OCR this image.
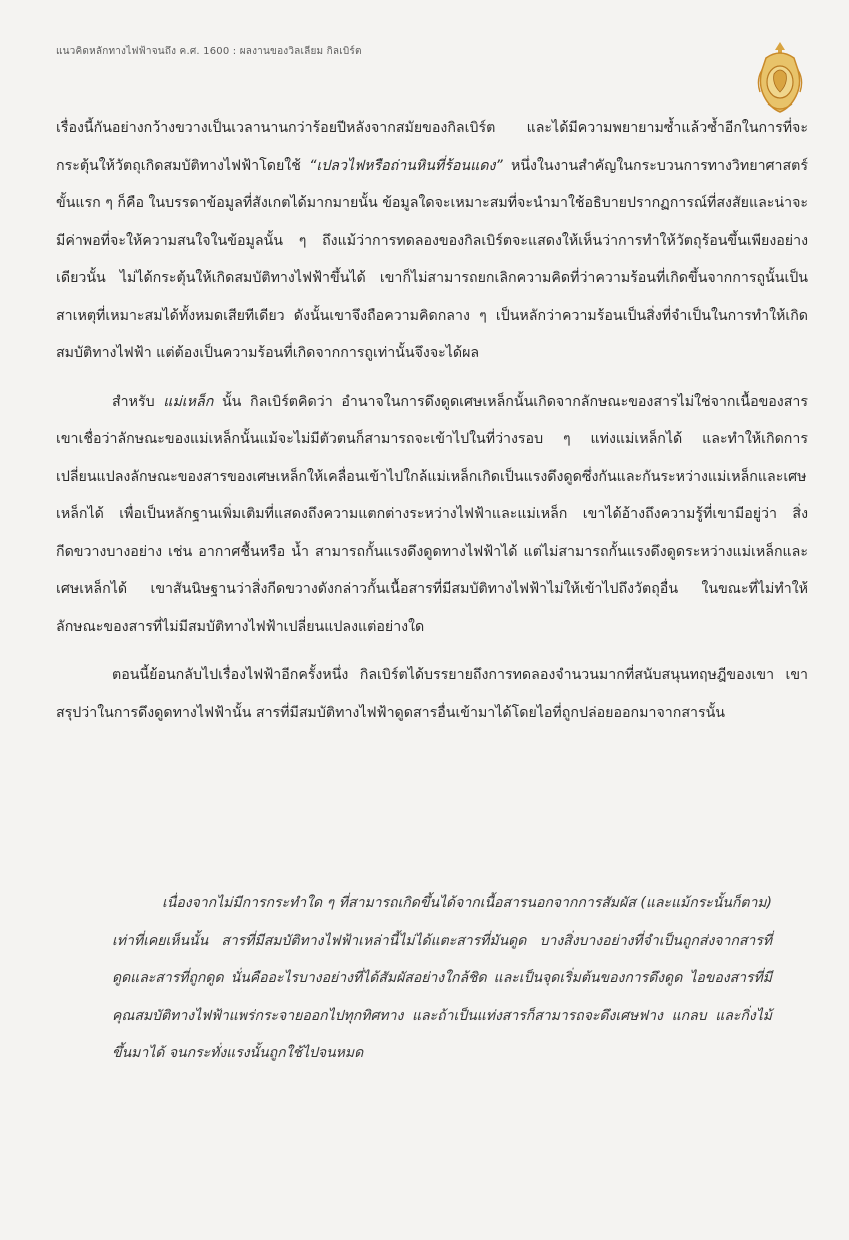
แนวคิดหลักทางไฟฟ้าจนถึง ค.ศ. 1600 : ผลงานของวิลเลียม กิลเบิร์ต

เรื่องนี้กันอย่างกว้างขวางเป็นเวลานานกว่าร้อยปีหลังจากสมัยของกิลเบิร์ต และได้มีความพยายามซ้ำแล้วซ้ำอีกในการที่จะกระตุ้นให้วัตถุเกิดสมบัติทางไฟฟ้าโดยใช้ “เปลวไฟหรือถ่านหินที่ร้อนแดง” หนึ่งในงานสำคัญในกระบวนการทางวิทยาศาสตร์ขั้นแรก ๆ ก็คือ ในบรรดาข้อมูลที่สังเกตได้มากมายนั้น ข้อมูลใดจะเหมาะสมที่จะนำมาใช้อธิบายปรากฏการณ์ที่สงสัยและน่าจะมีค่าพอที่จะให้ความสนใจในข้อมูลนั้น ๆ ถึงแม้ว่าการทดลองของกิลเบิร์ตจะแสดงให้เห็นว่าการทำให้วัตถุร้อนขึ้นเพียงอย่างเดียวนั้น ไม่ได้กระตุ้นให้เกิดสมบัติทางไฟฟ้าขึ้นได้ เขาก็ไม่สามารถยกเลิกความคิดที่ว่าความร้อนที่เกิดขึ้นจากการถูนั้นเป็นสาเหตุที่เหมาะสมได้ทั้งหมดเสียทีเดียว ดังนั้นเขาจึงถือความคิดกลาง ๆ เป็นหลักว่าความร้อนเป็นสิ่งที่จำเป็นในการทำให้เกิดสมบัติทางไฟฟ้า แต่ต้องเป็นความร้อนที่เกิดจากการถูเท่านั้นจึงจะได้ผล

สำหรับ แม่เหล็ก นั้น กิลเบิร์ตคิดว่า อำนาจในการดึงดูดเศษเหล็กนั้นเกิดจากลักษณะของสารไม่ใช่จากเนื้อของสาร เขาเชื่อว่าลักษณะของแม่เหล็กนั้นแม้จะไม่มีตัวตนก็สามารถจะเข้าไปในที่ว่างรอบ ๆ แท่งแม่เหล็กได้ และทำให้เกิดการเปลี่ยนแปลงลักษณะของสารของเศษเหล็กให้เคลื่อนเข้าไปใกล้แม่เหล็กเกิดเป็นแรงดึงดูดซึ่งกันและกันระหว่างแม่เหล็กและเศษเหล็กได้ เพื่อเป็นหลักฐานเพิ่มเติมที่แสดงถึงความแตกต่างระหว่างไฟฟ้าและแม่เหล็ก เขาได้อ้างถึงความรู้ที่เขามีอยู่ว่า สิ่งกีดขวางบางอย่าง เช่น อากาศชื้นหรือ น้ำ สามารถกั้นแรงดึงดูดทางไฟฟ้าได้ แต่ไม่สามารถกั้นแรงดึงดูดระหว่างแม่เหล็กและเศษเหล็กได้ เขาสันนิษฐานว่าสิ่งกีดขวางดังกล่าวกั้นเนื้อสารที่มีสมบัติทางไฟฟ้าไม่ให้เข้าไปถึงวัตถุอื่น ในขณะที่ไม่ทำให้ลักษณะของสารที่ไม่มีสมบัติทางไฟฟ้าเปลี่ยนแปลงแต่อย่างใด

ตอนนี้ย้อนกลับไปเรื่องไฟฟ้าอีกครั้งหนึ่ง กิลเบิร์ตได้บรรยายถึงการทดลองจำนวนมากที่สนับสนุนทฤษฎีของเขา เขาสรุปว่าในการดึงดูดทางไฟฟ้านั้น สารที่มีสมบัติทางไฟฟ้าดูดสารอื่นเข้ามาได้โดยไอที่ถูกปล่อยออกมาจากสารนั้น

เนื่องจากไม่มีการกระทำใด ๆ ที่สามารถเกิดขึ้นได้จากเนื้อสารนอกจากการสัมผัส (และแม้กระนั้นก็ตาม) เท่าที่เคยเห็นนั้น สารที่มีสมบัติทางไฟฟ้าเหล่านี้ไม่ได้แตะสารที่มันดูด บางสิ่งบางอย่างที่จำเป็นถูกส่งจากสารที่ดูดและสารที่ถูกดูด นั่นคืออะไรบางอย่างที่ได้สัมผัสอย่างใกล้ชิด และเป็นจุดเริ่มต้นของการดึงดูด ไอของสารที่มีคุณสมบัติทางไฟฟ้าแพร่กระจายออกไปทุกทิศทาง และถ้าเป็นแท่งสารก็สามารถจะดึงเศษฟาง แกลบ และกิ่งไม้ขึ้นมาได้ จนกระทั่งแรงนั้นถูกใช้ไปจนหมด
